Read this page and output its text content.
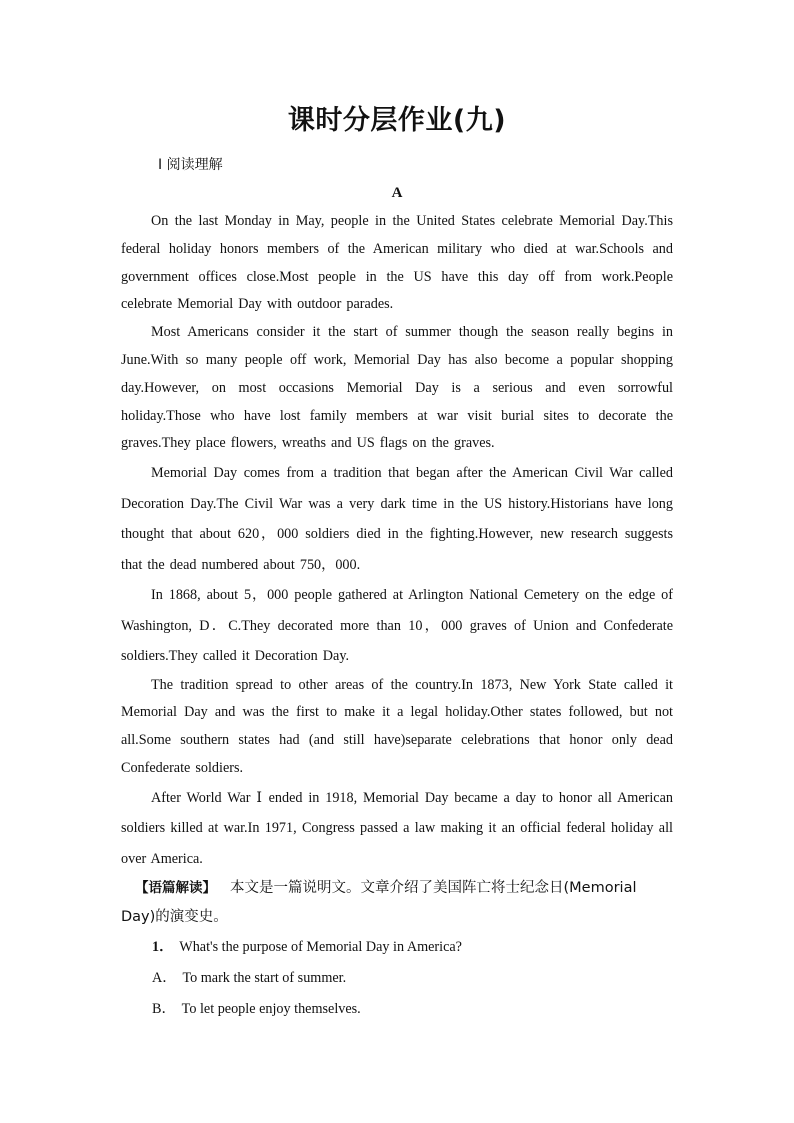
课时分层作业(九)

Ⅰ 阅读理解

A

On the last Monday in May, people in the United States celebrate Memorial Day.This federal holiday honors members of the American military who died at war.Schools and government offices close.Most people in the US have this day off from work.People celebrate Memorial Day with outdoor parades.

Most Americans consider it the start of summer though the season really begins in June.With so many people off work, Memorial Day has also become a popular shopping day.However, on most occasions Memorial Day is a serious and even sorrowful holiday.Those who have lost family members at war visit burial sites to decorate the graves.They place flowers, wreaths and US flags on the graves.

Memorial Day comes from a tradition that began after the American Civil War called Decoration Day.The Civil War was a very dark time in the US history.Historians have long thought that about 620，000 soldiers died in the fighting.However, new research suggests that the dead numbered about 750，000.

In 1868, about 5，000 people gathered at Arlington National Cemetery on the edge of Washington, D．C.They decorated more than 10，000 graves of Union and Confederate soldiers.They called it Decoration Day.

The tradition spread to other areas of the country.In 1873, New York State called it Memorial Day and was the first to make it a legal holiday.Other states followed, but not all.Some southern states had (and still have)separate celebrations that honor only dead Confederate soldiers.

After World War Ⅰ ended in 1918, Memorial Day became a day to honor all American soldiers killed at war.In 1971, Congress passed a law making it an official federal holiday all over America.

【语篇解读】 本文是一篇说明文。文章介绍了美国阵亡将士纪念日(Memorial Day)的演变史。

1． What's the purpose of Memorial Day in America?

A． To mark the start of summer.

B． To let people enjoy themselves.
